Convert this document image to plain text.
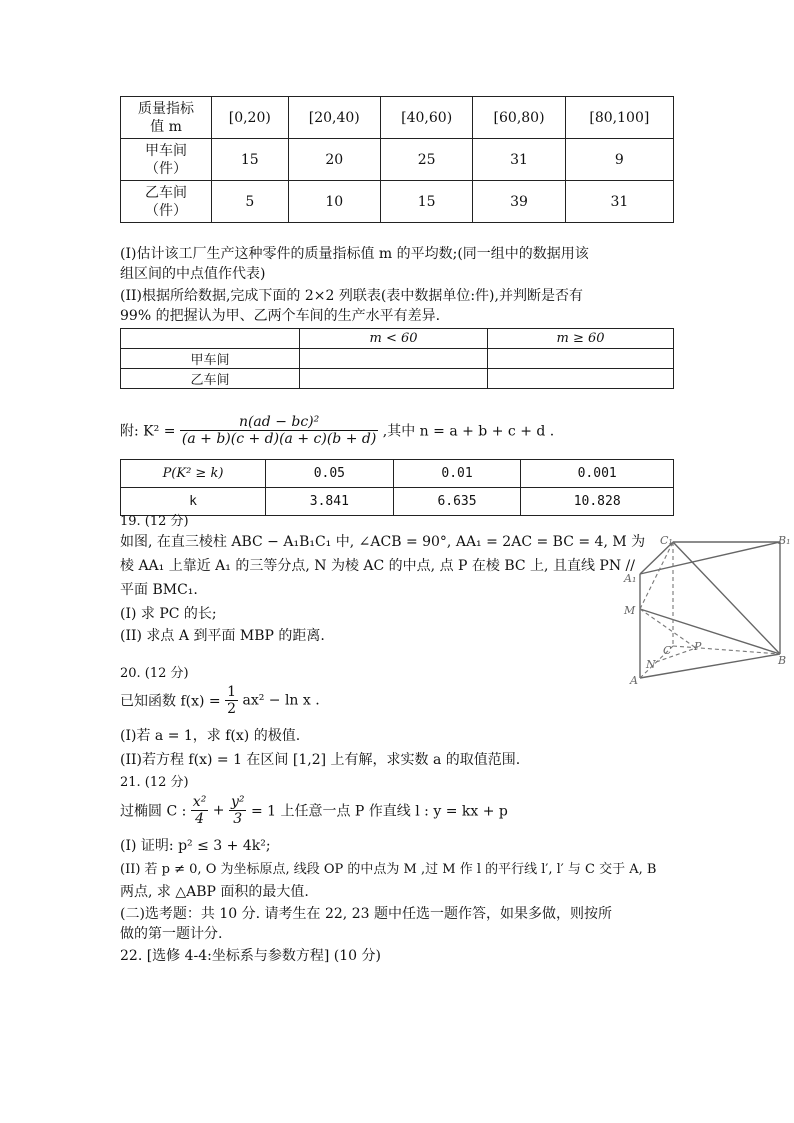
质量指标
值 m	[0,20)	[20,40)	[40,60)	[60,80)	[80,100]
甲车间
（件）	15	20	25	31	9
乙车间
（件）	5	10	15	39	31
(I)估计该工厂生产这种零件的质量指标值 m 的平均数;(同一组中的数据用该
组区间的中点值作代表)
(II)根据所给数据,完成下面的 2×2 列联表(表中数据单位:件),并判断是否有
99% 的把握认为甲、乙两个车间的生产水平有差异.
	m < 60	m ≥ 60
甲车间		
乙车间		
附: $K^2 = \frac{\text{n(ad − bc)²}}{(a + b)(c + d)(a + c)(b + d)}$ ,其中 n = a + b + c + d .
P(K² ≥ k)	0.05	0.01	0.001
k	3.841	6.635	10.828
19. (12 分)
如图, 在直三棱柱 ABC − A₁B₁C₁ 中, ∠ACB = 90°, AA₁ = 2AC = BC = 4, M 为
棱 AA₁ 上靠近 A₁ 的三等分点, N 为棱 AC 的中点, 点 P 在棱 BC 上, 且直线 PN //
平面 BMC₁.
(I) 求 PC 的长;
(II) 求点 A 到平面 MBP 的距离.
C₁	B₁
A₁
M
C P
N	B
A
20. (12 分)
已知函数 $f(x) = \frac{1}{2} ax^2 - \ln x$ .
(I)若 a = 1，求 f(x) 的极值.
(II)若方程 f(x) = 1 在区间 [1,2] 上有解，求实数 a 的取值范围.
21. (12 分)
过椭圆 C : $\frac{\text{x²}}{4} + \frac{\text{y²}}{3} = 1$ 上任意一点 P 作直线 l : y = kx + p
(I) 证明: p² ≤ 3 + 4k²;
(II) 若 p ≠ 0, O 为坐标原点, 线段 OP 的中点为 M ,过 M 作 l 的平行线 l′, l′ 与 C 交于 A, B
两点, 求 △ABP 面积的最大值.
(二)选考题：共 10 分. 请考生在 22, 23 题中任选一题作答，如果多做，则按所
做的第一题计分.
22. [选修 4-4:坐标系与参数方程] (10 分)
